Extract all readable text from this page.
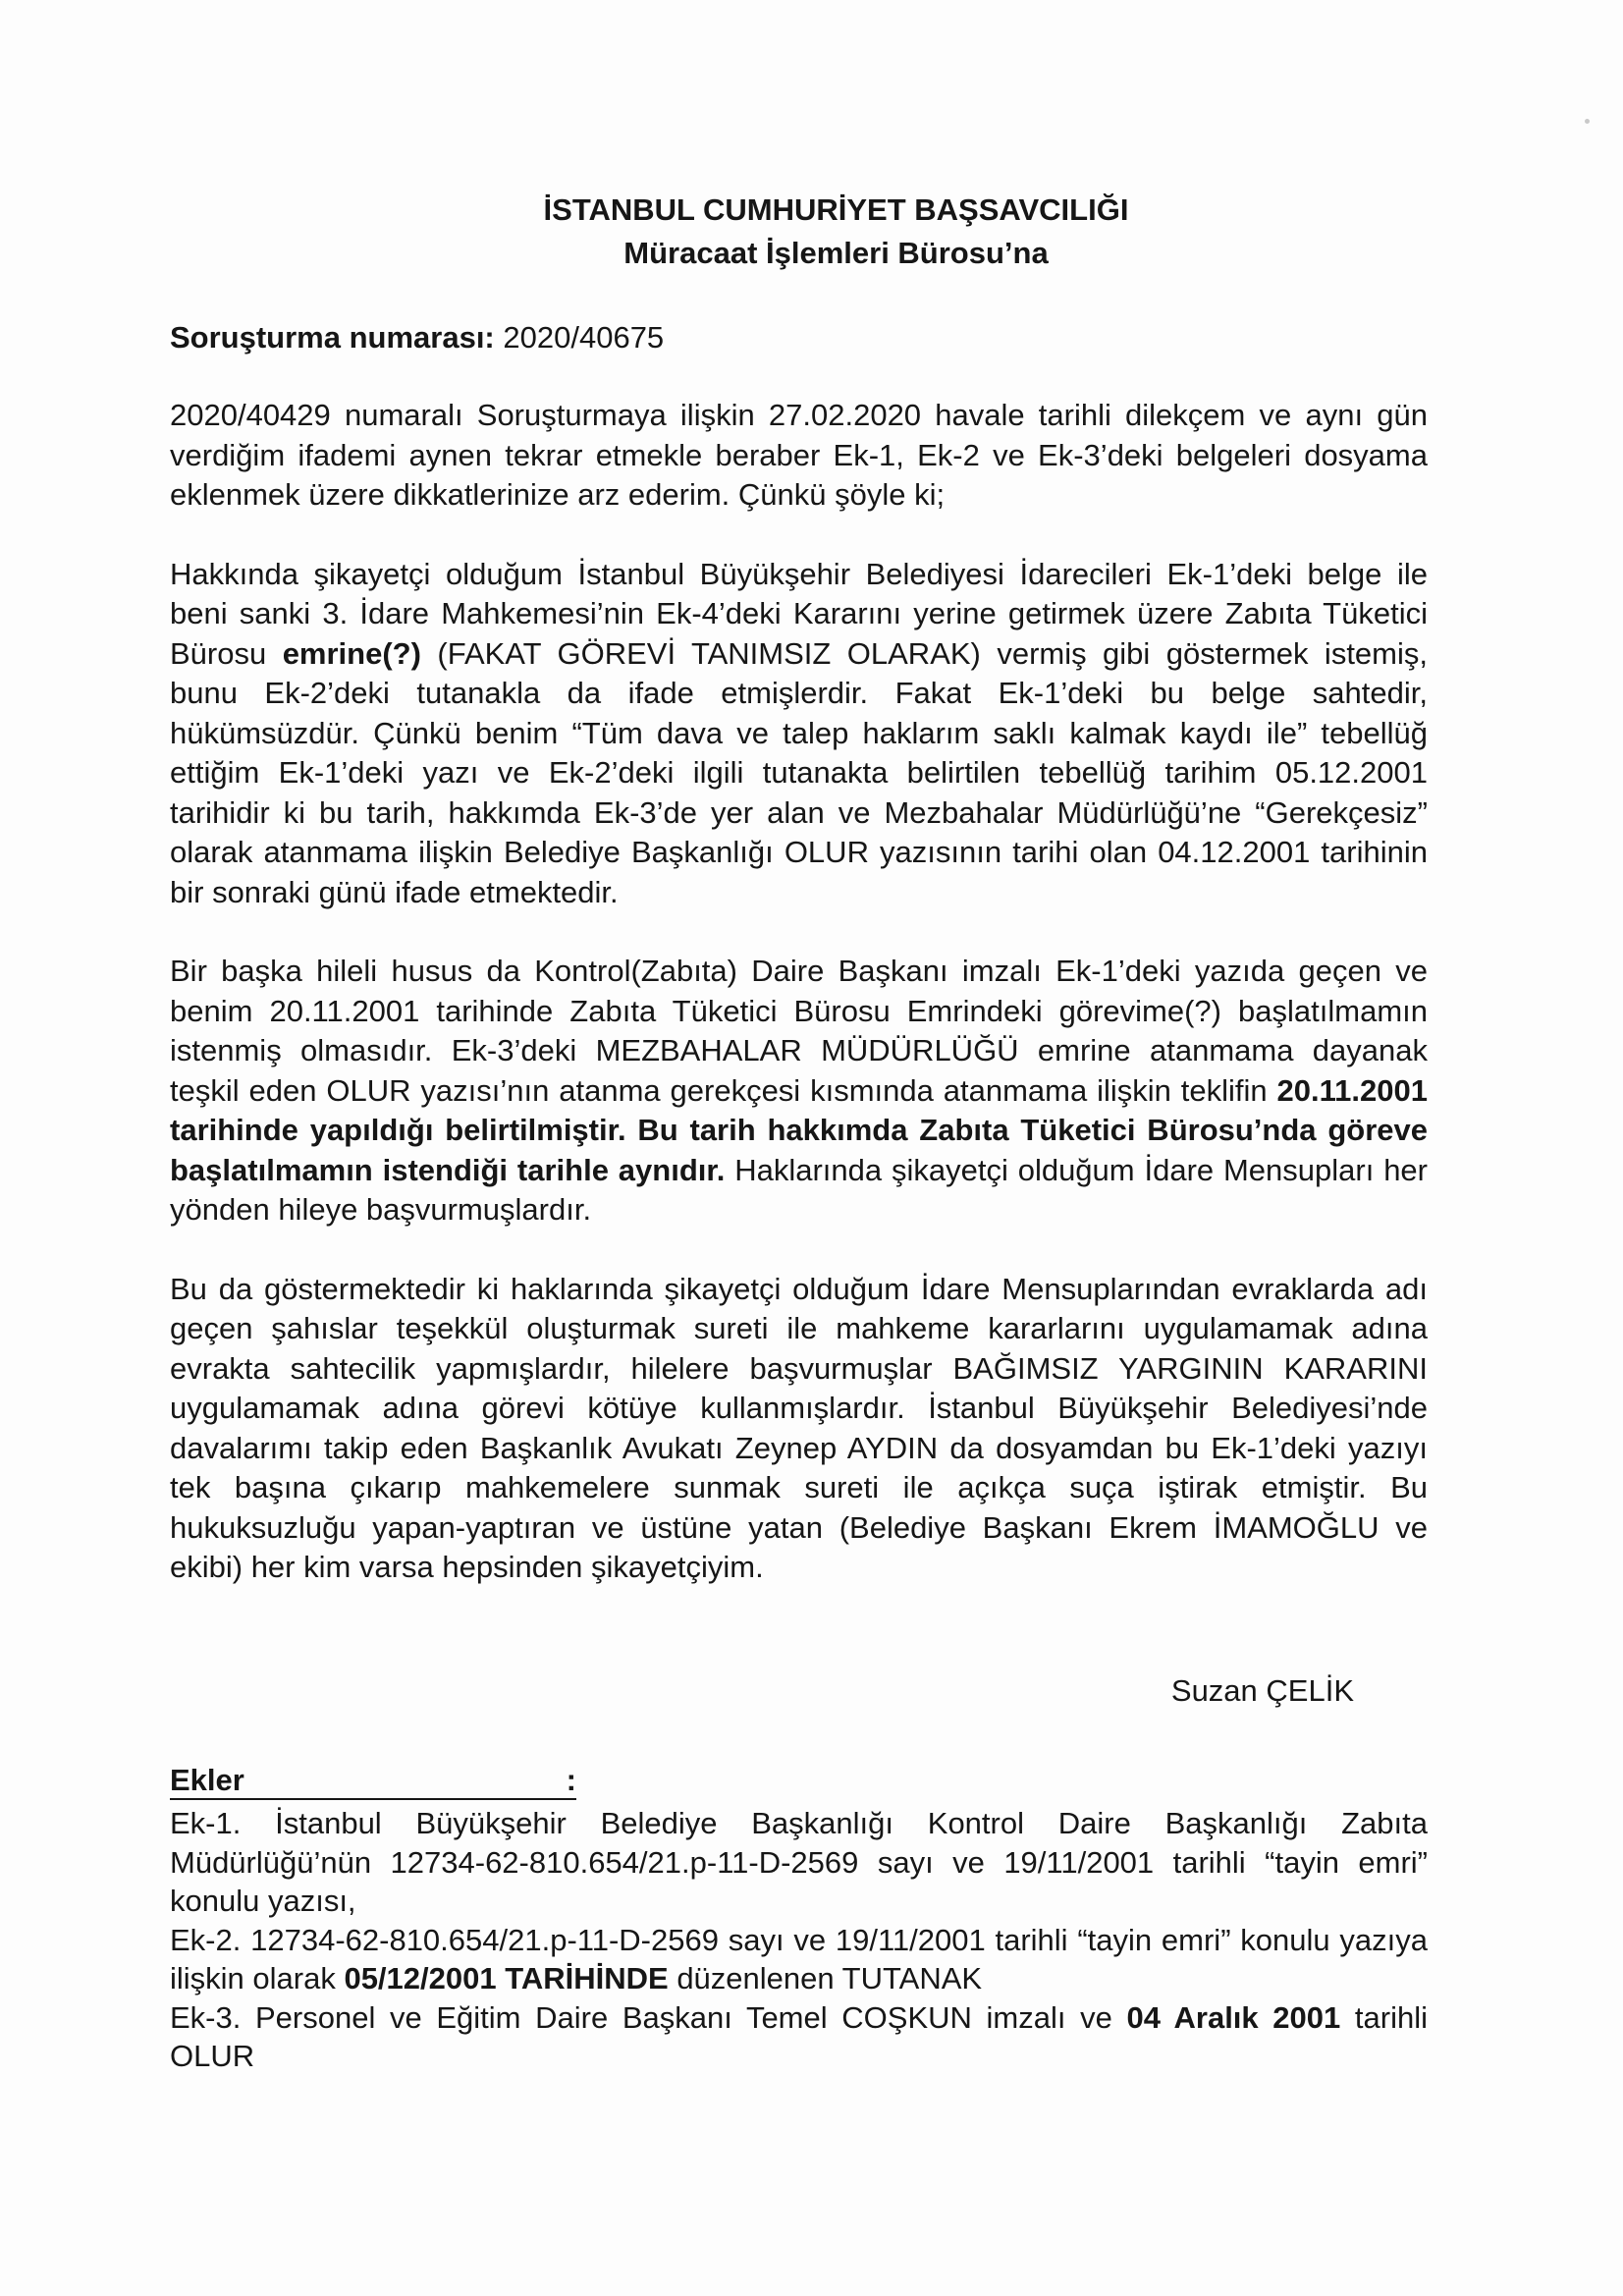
İSTANBUL CUMHURİYET BAŞSAVCILIĞI
Müracaat İşlemleri Bürosu’na
Soruşturma numarası: 2020/40675

2020/40429 numaralı Soruşturmaya ilişkin 27.02.2020 havale tarihli dilekçem ve aynı gün verdiğim ifademi aynen tekrar etmekle beraber Ek-1, Ek-2 ve Ek-3’deki belgeleri dosyama eklenmek üzere dikkatlerinize arz ederim. Çünkü şöyle ki;

Hakkında şikayetçi olduğum İstanbul Büyükşehir Belediyesi İdarecileri Ek-1’deki belge ile beni sanki 3. İdare Mahkemesi’nin Ek-4’deki Kararını yerine getirmek üzere Zabıta Tüketici Bürosu emrine(?) (FAKAT GÖREVİ TANIMSIZ OLARAK) vermiş gibi göstermek istemiş, bunu Ek-2’deki tutanakla da ifade etmişlerdir. Fakat Ek-1’deki bu belge sahtedir, hükümsüzdür. Çünkü benim “Tüm dava ve talep haklarım saklı kalmak kaydı ile” tebellüğ ettiğim Ek-1’deki yazı ve Ek-2’deki ilgili tutanakta belirtilen tebellüğ tarihim 05.12.2001 tarihidir ki bu tarih, hakkımda Ek-3’de yer alan ve Mezbahalar Müdürlüğü’ne “Gerekçesiz” olarak atanmama ilişkin Belediye Başkanlığı OLUR yazısının tarihi olan 04.12.2001 tarihinin bir sonraki günü ifade etmektedir.

Bir başka hileli husus da Kontrol(Zabıta) Daire Başkanı imzalı Ek-1’deki yazıda geçen ve benim 20.11.2001 tarihinde Zabıta Tüketici Bürosu Emrindeki görevime(?) başlatılmamın istenmiş olmasıdır. Ek-3’deki MEZBAHALAR MÜDÜRLÜĞÜ emrine atanmama dayanak teşkil eden OLUR yazısı’nın atanma gerekçesi kısmında atanmama ilişkin teklifin 20.11.2001 tarihinde yapıldığı belirtilmiştir. Bu tarih hakkımda Zabıta Tüketici Bürosu’nda göreve başlatılmamın istendiği tarihle aynıdır. Haklarında şikayetçi olduğum İdare Mensupları her yönden hileye başvurmuşlardır.

Bu da göstermektedir ki haklarında şikayetçi olduğum İdare Mensuplarından evraklarda adı geçen şahıslar teşekkül oluşturmak sureti ile mahkeme kararlarını uygulamamak adına evrakta sahtecilik yapmışlardır, hilelere başvurmuşlar BAĞIMSIZ YARGININ KARARINI uygulamamak adına görevi kötüye kullanmışlardır. İstanbul Büyükşehir Belediyesi’nde davalarımı takip eden Başkanlık Avukatı Zeynep AYDIN da dosyamdan bu Ek-1’deki yazıyı tek başına çıkarıp mahkemelere sunmak sureti ile açıkça suça iştirak etmiştir. Bu hukuksuzluğu yapan-yaptıran ve üstüne yatan (Belediye Başkanı Ekrem İMAMOĞLU ve ekibi) her kim varsa hepsinden şikayetçiyim.

Suzan ÇELİK
Ekler	:

Ek-1. İstanbul Büyükşehir Belediye Başkanlığı Kontrol Daire Başkanlığı Zabıta Müdürlüğü’nün 12734-62-810.654/21.p-11-D-2569 sayı ve 19/11/2001 tarihli “tayin emri” konulu yazısı,

Ek-2. 12734-62-810.654/21.p-11-D-2569 sayı ve 19/11/2001 tarihli “tayin emri” konulu yazıya ilişkin olarak 05/12/2001 TARİHİNDE düzenlenen TUTANAK

Ek-3. Personel ve Eğitim Daire Başkanı Temel COŞKUN imzalı ve 04 Aralık 2001 tarihli OLUR
